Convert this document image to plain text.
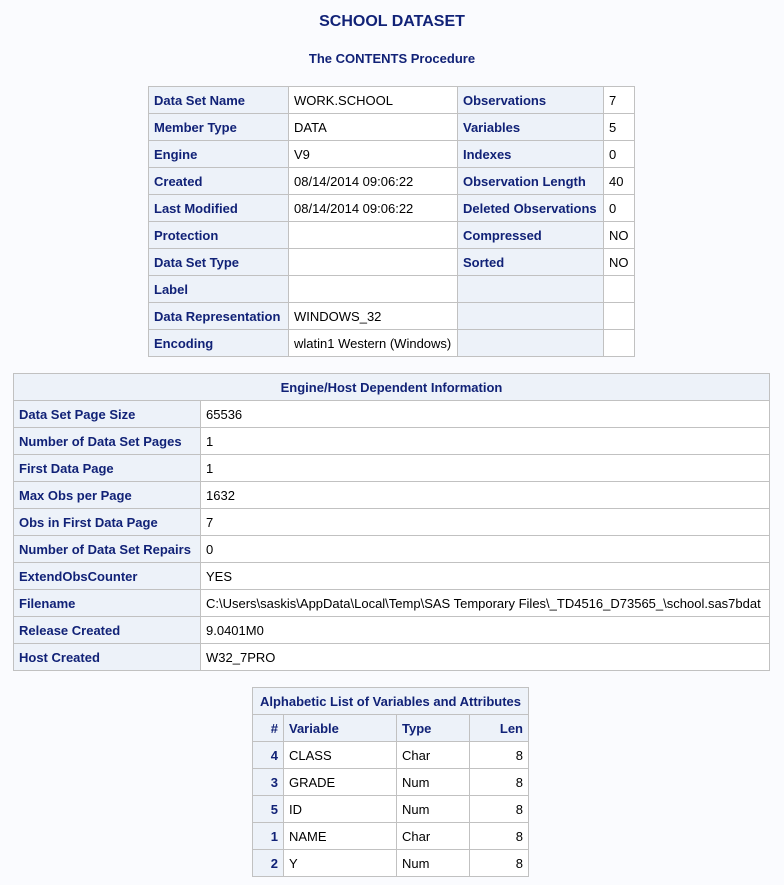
SCHOOL DATASET
The CONTENTS Procedure
Data Set Name	WORK.SCHOOL	Observations	7
Member Type	DATA	Variables	5
Engine	V9	Indexes	0
Created	08/14/2014 09:06:22	Observation Length	40
Last Modified	08/14/2014 09:06:22	Deleted Observations	0
Protection		Compressed	NO
Data Set Type		Sorted	NO
Label			
Data Representation	WINDOWS_32		
Encoding	wlatin1 Western (Windows)		
Engine/Host Dependent Information	
Data Set Page Size	65536
Number of Data Set Pages	1
First Data Page	1
Max Obs per Page	1632
Obs in First Data Page	7
Number of Data Set Repairs	0
ExtendObsCounter	YES
Filename	C:\Users\saskis\AppData\Local\Temp\SAS Temporary Files\_TD4516_D73565_\school.sas7bdat
Release Created	9.0401M0
Host Created	W32_7PRO
Alphabetic List of Variables and Attributes			
#	Variable	Type	Len
4	CLASS	Char	8
3	GRADE	Num	8
5	ID	Num	8
1	NAME	Char	8
2	Y	Num	8
